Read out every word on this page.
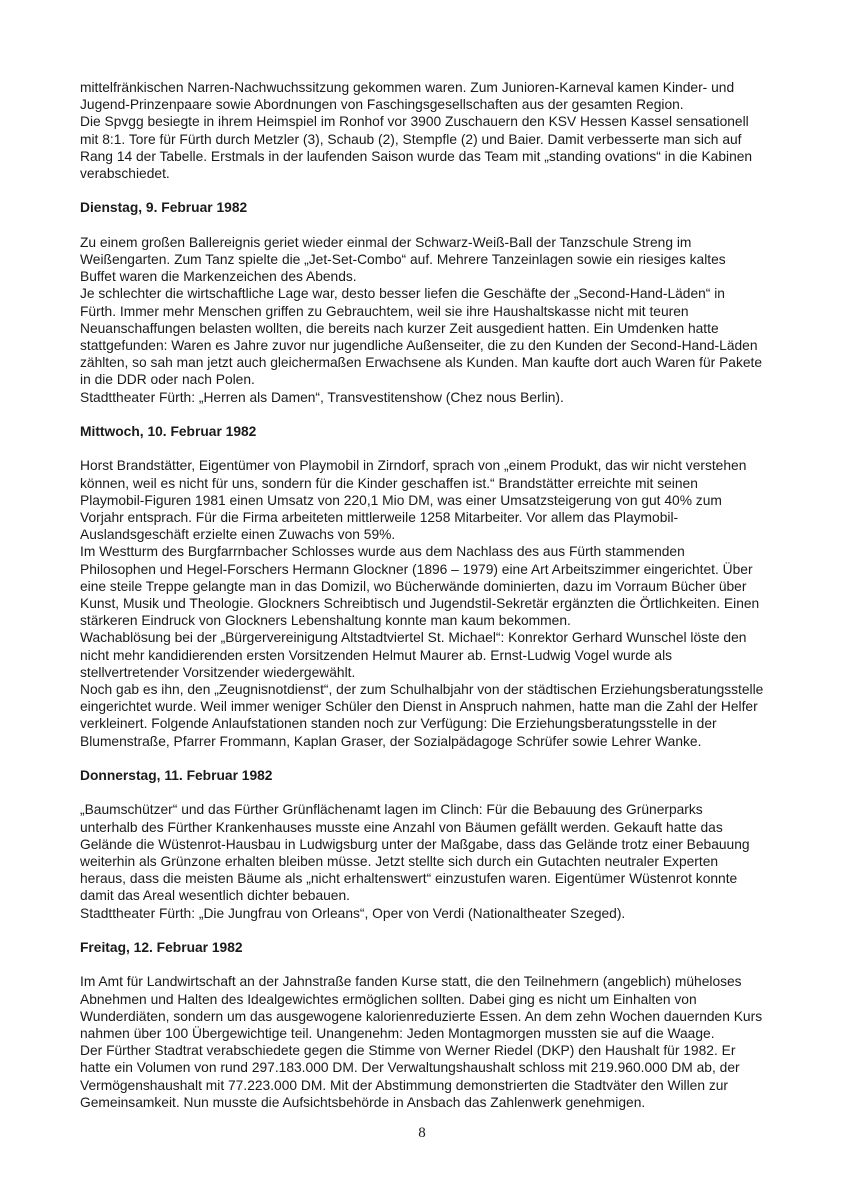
mittelfränkischen Narren-Nachwuchssitzung gekommen waren. Zum Junioren-Karneval kamen Kinder- und Jugend-Prinzenpaare sowie Abordnungen von Faschingsgesellschaften aus der gesamten Region.

Die Spvgg besiegte in ihrem Heimspiel im Ronhof vor 3900 Zuschauern den KSV Hessen Kassel sensationell mit 8:1. Tore für Fürth durch Metzler (3), Schaub (2), Stempfle (2) und Baier. Damit verbesserte man sich auf Rang 14 der Tabelle. Erstmals in der laufenden Saison wurde das Team mit „standing ovations“ in die Kabinen verabschiedet.

Dienstag, 9. Februar 1982

Zu einem großen Ballereignis geriet wieder einmal der Schwarz-Weiß-Ball der Tanzschule Streng im Weißengarten. Zum Tanz spielte die „Jet-Set-Combo“ auf. Mehrere Tanzeinlagen sowie ein riesiges kaltes Buffet waren die Markenzeichen des Abends.

Je schlechter die wirtschaftliche Lage war, desto besser liefen die Geschäfte der „Second-Hand-Läden“ in Fürth. Immer mehr Menschen griffen zu Gebrauchtem, weil sie ihre Haushaltskasse nicht mit teuren Neuanschaffungen belasten wollten, die bereits nach kurzer Zeit ausgedient hatten. Ein Umdenken hatte stattgefunden: Waren es Jahre zuvor nur jugendliche Außenseiter, die zu den Kunden der Second-Hand-Läden zählten, so sah man jetzt auch gleichermaßen Erwachsene als Kunden. Man kaufte dort auch Waren für Pakete in die DDR oder nach Polen.

Stadttheater Fürth: „Herren als Damen“, Transvestitenshow (Chez nous Berlin).

Mittwoch, 10. Februar 1982

Horst Brandstätter, Eigentümer von Playmobil in Zirndorf, sprach von „einem Produkt, das wir nicht verstehen können, weil es nicht für uns, sondern für die Kinder geschaffen ist.“ Brandstätter erreichte mit seinen Playmobil-Figuren 1981 einen Umsatz von 220,1 Mio DM, was einer Umsatzsteigerung von gut 40% zum Vorjahr entsprach. Für die Firma arbeiteten mittlerweile 1258 Mitarbeiter. Vor allem das Playmobil-Auslandsgeschäft erzielte einen Zuwachs von 59%.

Im Westturm des Burgfarrnbacher Schlosses wurde aus dem Nachlass des aus Fürth stammenden Philosophen und Hegel-Forschers Hermann Glockner (1896 – 1979) eine Art Arbeitszimmer eingerichtet. Über eine steile Treppe gelangte man in das Domizil, wo Bücherwände dominierten, dazu im Vorraum Bücher über Kunst, Musik und Theologie. Glockners Schreibtisch und Jugendstil-Sekretär ergänzten die Örtlichkeiten. Einen stärkeren Eindruck von Glockners Lebenshaltung konnte man kaum bekommen.

Wachablösung bei der „Bürgervereinigung Altstadtviertel St. Michael“: Konrektor Gerhard Wunschel löste den nicht mehr kandidierenden ersten Vorsitzenden Helmut Maurer ab. Ernst-Ludwig Vogel wurde als stellvertretender Vorsitzender wiedergewählt.

Noch gab es ihn, den „Zeugnisnotdienst“, der zum Schulhalbjahr von der städtischen Erziehungsberatungsstelle eingerichtet wurde. Weil immer weniger Schüler den Dienst in Anspruch nahmen, hatte man die Zahl der Helfer verkleinert. Folgende Anlaufstationen standen noch zur Verfügung: Die Erziehungsberatungsstelle in der Blumenstraße, Pfarrer Frommann, Kaplan Graser, der Sozialpädagoge Schrüfer sowie Lehrer Wanke.

Donnerstag, 11. Februar 1982

„Baumschützer“ und das Fürther Grünflächenamt lagen im Clinch: Für die Bebauung des Grünerparks unterhalb des Fürther Krankenhauses musste eine Anzahl von Bäumen gefällt werden. Gekauft hatte das Gelände die Wüstenrot-Hausbau in Ludwigsburg unter der Maßgabe, dass das Gelände trotz einer Bebauung weiterhin als Grünzone erhalten bleiben müsse. Jetzt stellte sich durch ein Gutachten neutraler Experten heraus, dass die meisten Bäume als „nicht erhaltenswert“ einzustufen waren. Eigentümer Wüstenrot konnte damit das Areal wesentlich dichter bebauen.

Stadttheater Fürth: „Die Jungfrau von Orleans“, Oper von Verdi (Nationaltheater Szeged).

Freitag, 12. Februar 1982

Im Amt für Landwirtschaft an der Jahnstraße fanden Kurse statt, die den Teilnehmern (angeblich) müheloses Abnehmen und Halten des Idealgewichtes ermöglichen sollten. Dabei ging es nicht um Einhalten von Wunderdiäten, sondern um das ausgewogene kalorienreduzierte Essen. An dem zehn Wochen dauernden Kurs nahmen über 100 Übergewichtige teil. Unangenehm: Jeden Montagmorgen mussten sie auf die Waage.

Der Fürther Stadtrat verabschiedete gegen die Stimme von Werner Riedel (DKP) den Haushalt für 1982. Er hatte ein Volumen von rund 297.183.000 DM. Der Verwaltungshaushalt schloss mit 219.960.000 DM ab, der Vermögenshaushalt mit 77.223.000 DM. Mit der Abstimmung demonstrierten die Stadtväter den Willen zur Gemeinsamkeit. Nun musste die Aufsichtsbehörde in Ansbach das Zahlenwerk genehmigen.

8
